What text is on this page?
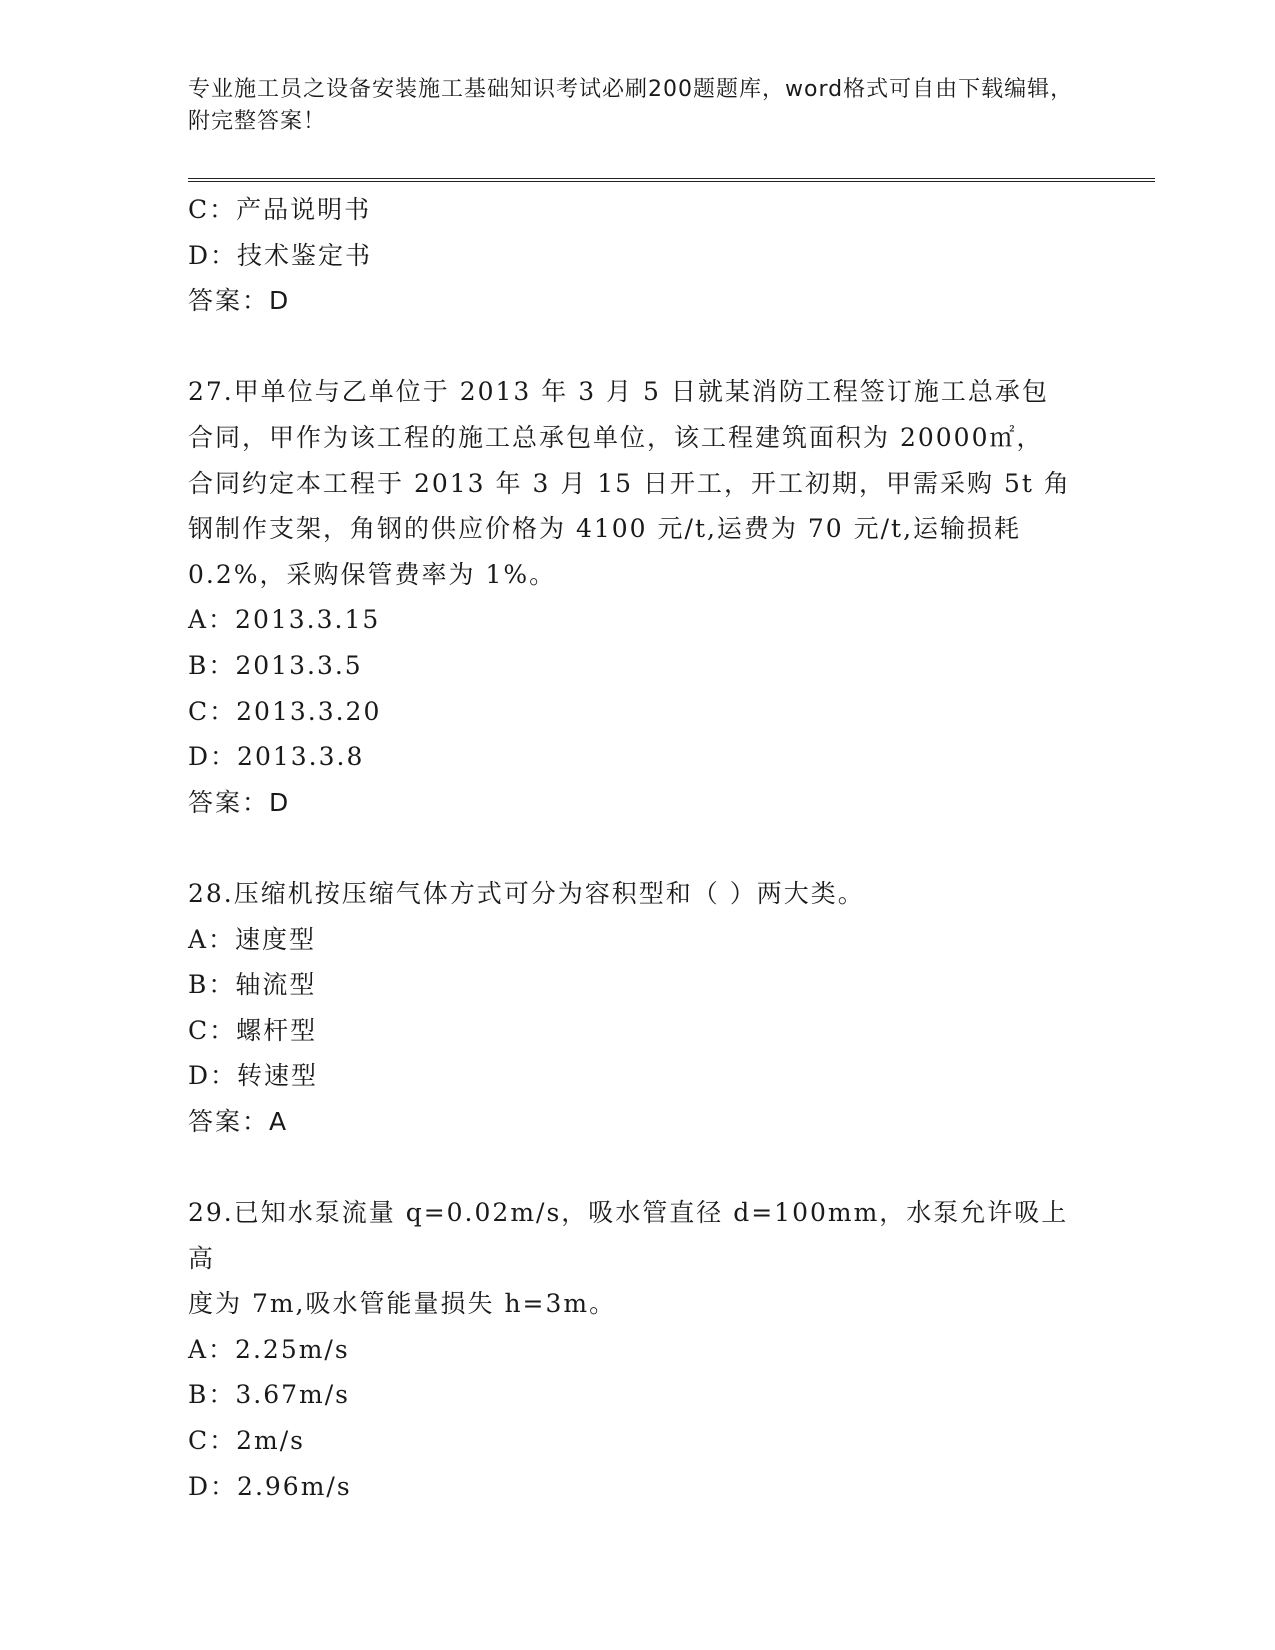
专业施工员之设备安装施工基础知识考试必刷200题题库，word格式可自由下载编辑，附完整答案！
C：产品说明书
D：技术鉴定书
答案：D
27.甲单位与乙单位于 2013 年 3 月 5 日就某消防工程签订施工总承包
合同，甲作为该工程的施工总承包单位，该工程建筑面积为 20000㎡，
合同约定本工程于 2013 年 3 月 15 日开工，开工初期，甲需采购 5t 角
钢制作支架，角钢的供应价格为 4100 元/t,运费为 70 元/t,运输损耗
0.2%，采购保管费率为 1%。
A：2013.3.15
B：2013.3.5
C：2013.3.20
D：2013.3.8
答案：D
28.压缩机按压缩气体方式可分为容积型和（ ）两大类。
A：速度型
B：轴流型
C：螺杆型
D：转速型
答案：A
29.已知水泵流量 q=0.02m/s，吸水管直径 d=100mm，水泵允许吸上高
度为 7m,吸水管能量损失 h=3m。
A：2.25m/s
B：3.67m/s
C：2m/s
D：2.96m/s
